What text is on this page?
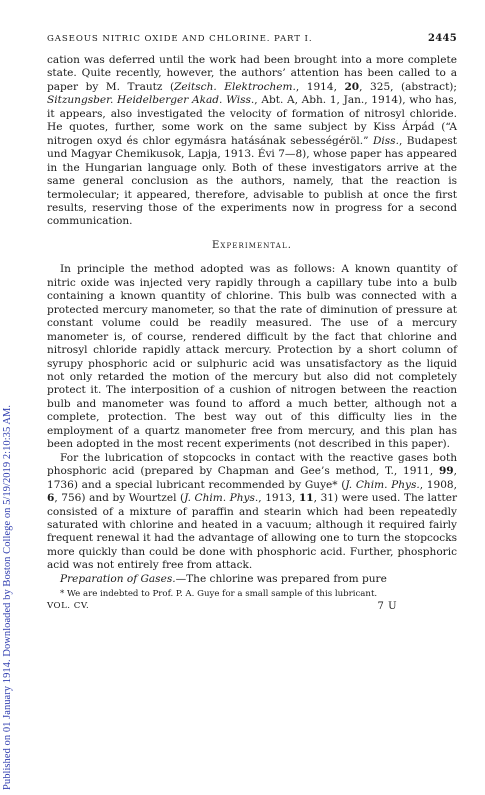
Published on 01 January 1914. Downloaded by Boston College on 5/19/2019 2:10:35 AM.
GASEOUS NITRIC OXIDE AND CHLORINE. PART I.	2445

cation was deferred until the work had been brought into a more complete state. Quite recently, however, the authors’ attention has been called to a paper by M. Trautz (Zeitsch. Elektrochem., 1914, 20, 325, (abstract); Sitzungsber. Heidelberger Akad. Wiss., Abt. A, Abh. 1, Jan., 1914), who has, it appears, also investigated the velocity of formation of nitrosyl chloride. He quotes, further, some work on the same subject by Kiss Árpád (“A nitrogen oxyd és chlor egymásra hatásának sebességéröl.” Diss., Budapest und Magyar Chemikusok, Lapja, 1913. Évi 7—8), whose paper has appeared in the Hungarian language only. Both of these investigators arrive at the same general conclusion as the authors, namely, that the reaction is termolecular; it appeared, therefore, advisable to publish at once the first results, reserving those of the experiments now in progress for a second communication.

Experimental.

In principle the method adopted was as follows: A known quantity of nitric oxide was injected very rapidly through a capillary tube into a bulb containing a known quantity of chlorine. This bulb was connected with a protected mercury manometer, so that the rate of diminution of pressure at constant volume could be readily measured. The use of a mercury manometer is, of course, rendered difficult by the fact that chlorine and nitrosyl chloride rapidly attack mercury. Protection by a short column of syrupy phosphoric acid or sulphuric acid was unsatisfactory as the liquid not only retarded the motion of the mercury but also did not completely protect it. The interposition of a cushion of nitrogen between the reaction bulb and manometer was found to afford a much better, although not a complete, protection. The best way out of this difficulty lies in the employment of a quartz manometer free from mercury, and this plan has been adopted in the most recent experiments (not described in this paper).

For the lubrication of stopcocks in contact with the reactive gases both phosphoric acid (prepared by Chapman and Gee’s method, T., 1911, 99, 1736) and a special lubricant recommended by Guye* (J. Chim. Phys., 1908, 6, 756) and by Wourtzel (J. Chim. Phys., 1913, 11, 31) were used. The latter consisted of a mixture of paraffin and stearin which had been repeatedly saturated with chlorine and heated in a vacuum; although it required fairly frequent renewal it had the advantage of allowing one to turn the stopcocks more quickly than could be done with phosphoric acid. Further, phosphoric acid was not entirely free from attack.

Preparation of Gases.—The chlorine was prepared from pure

* We are indebted to Prof. P. A. Guye for a small sample of this lubricant.
VOL. CV.	7 U
